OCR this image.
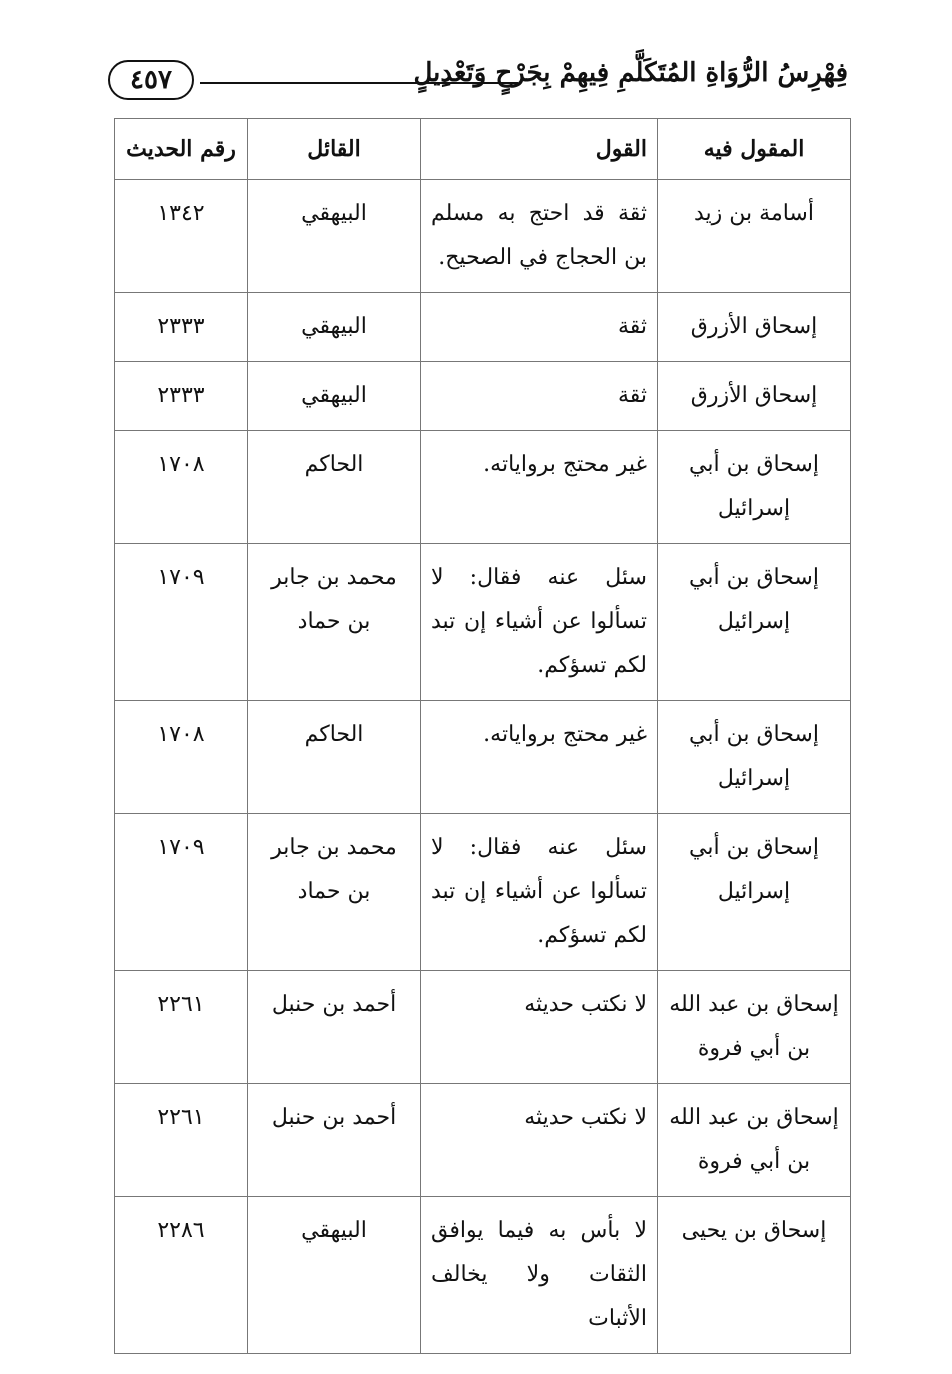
فِهْرِسُ الرُّوَاةِ المُتَكَلَّمِ فِيهِمْ بِجَرْحٍ وَتَعْدِيلٍ
٤٥٧
المقول فيه	القول	القائل	رقم الحديث
أسامة بن زيد	ثقة قد احتج به مسلم بن الحجاج في الصحيح.	البيهقي	١٣٤٢
إسحاق الأزرق	ثقة	البيهقي	٢٣٣٣
إسحاق الأزرق	ثقة	البيهقي	٢٣٣٣
إسحاق بن أبي إسرائيل	غير محتج برواياته.	الحاكم	١٧٠٨
إسحاق بن أبي إسرائيل	سئل عنه فقال: لا تسألوا عن أشياء إن تبد لكم تسؤكم.	محمد بن جابر بن حماد	١٧٠٩
إسحاق بن أبي إسرائيل	غير محتج برواياته.	الحاكم	١٧٠٨
إسحاق بن أبي إسرائيل	سئل عنه فقال: لا تسألوا عن أشياء إن تبد لكم تسؤكم.	محمد بن جابر بن حماد	١٧٠٩
إسحاق بن عبد الله بن أبي فروة	لا نكتب حديثه	أحمد بن حنبل	٢٢٦١
إسحاق بن عبد الله بن أبي فروة	لا نكتب حديثه	أحمد بن حنبل	٢٢٦١
إسحاق بن يحيى	لا بأس به فيما يوافق الثقات ولا يخالف الأثبات	البيهقي	٢٢٨٦
